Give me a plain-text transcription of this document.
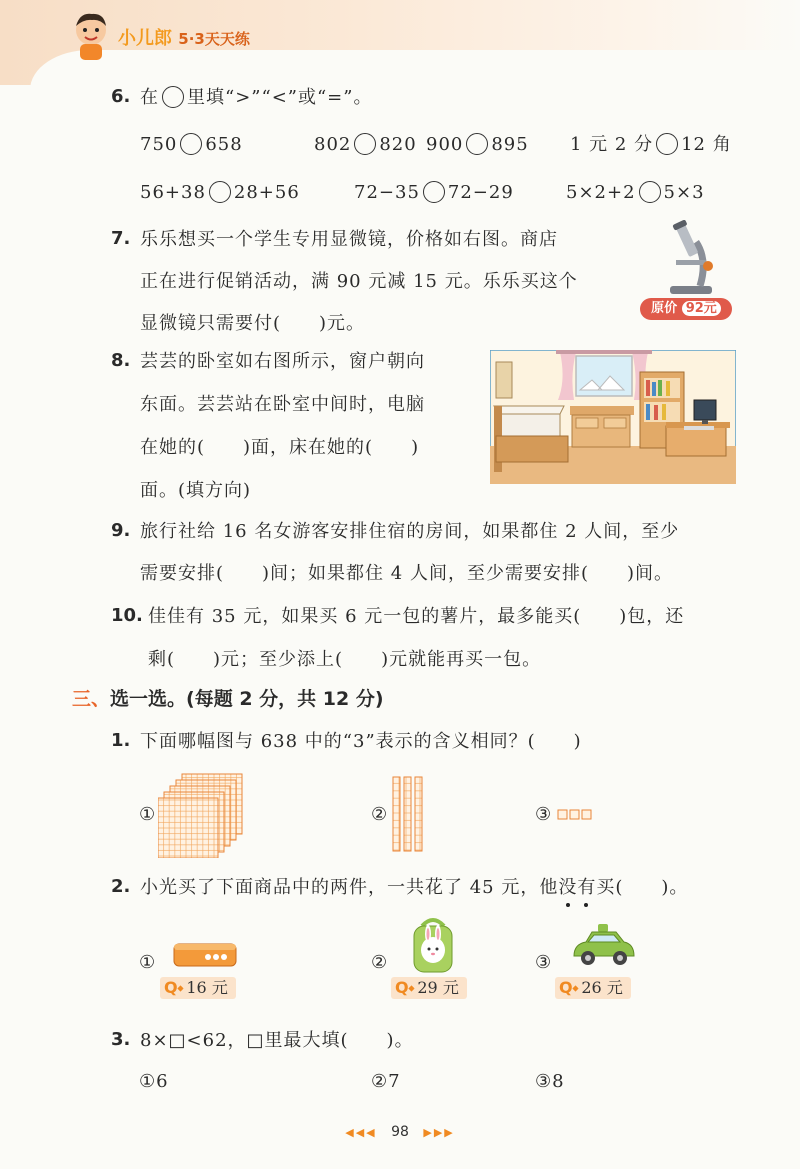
小儿郎 5·3天天练
6. 在 里填“>”“<”或“=”。
750 658	802 820 900 895 1 元 2 分 12 角
56+38 28+56	72−35 72−29	5×2+2 5×3
7. 乐乐想买一个学生专用显微镜，价格如右图。商店
正在进行促销活动，满 90 元减 15 元。乐乐买这个
显微镜只需要付(　　)元。
原价 92元
8. 芸芸的卧室如右图所示，窗户朝向
东面。芸芸站在卧室中间时，电脑
在她的(　　)面，床在她的(　　)
面。(填方向)
9. 旅行社给 16 名女游客安排住宿的房间，如果都住 2 人间，至少
需要安排(　　)间；如果都住 4 人间，至少需要安排(　　)间。
10. 佳佳有 35 元，如果买 6 元一包的薯片，最多能买(　　)包，还
剩(　　)元；至少添上(　　)元就能再买一包。
三、选一选。(每题 2 分，共 12 分)
1. 下面哪幅图与 638 中的“3”表示的含义相同？(　　)
①	②	③
2. 小光买了下面商品中的两件，一共花了 45 元，他没有买(　　)。
①
Q⬩ 16 元
②
Q⬩ 29 元
③
Q⬩ 26 元
3. 8×□<62，□里最大填(　　)。
①6	②7	③8
◀◀◀ 98 ▶▶▶
